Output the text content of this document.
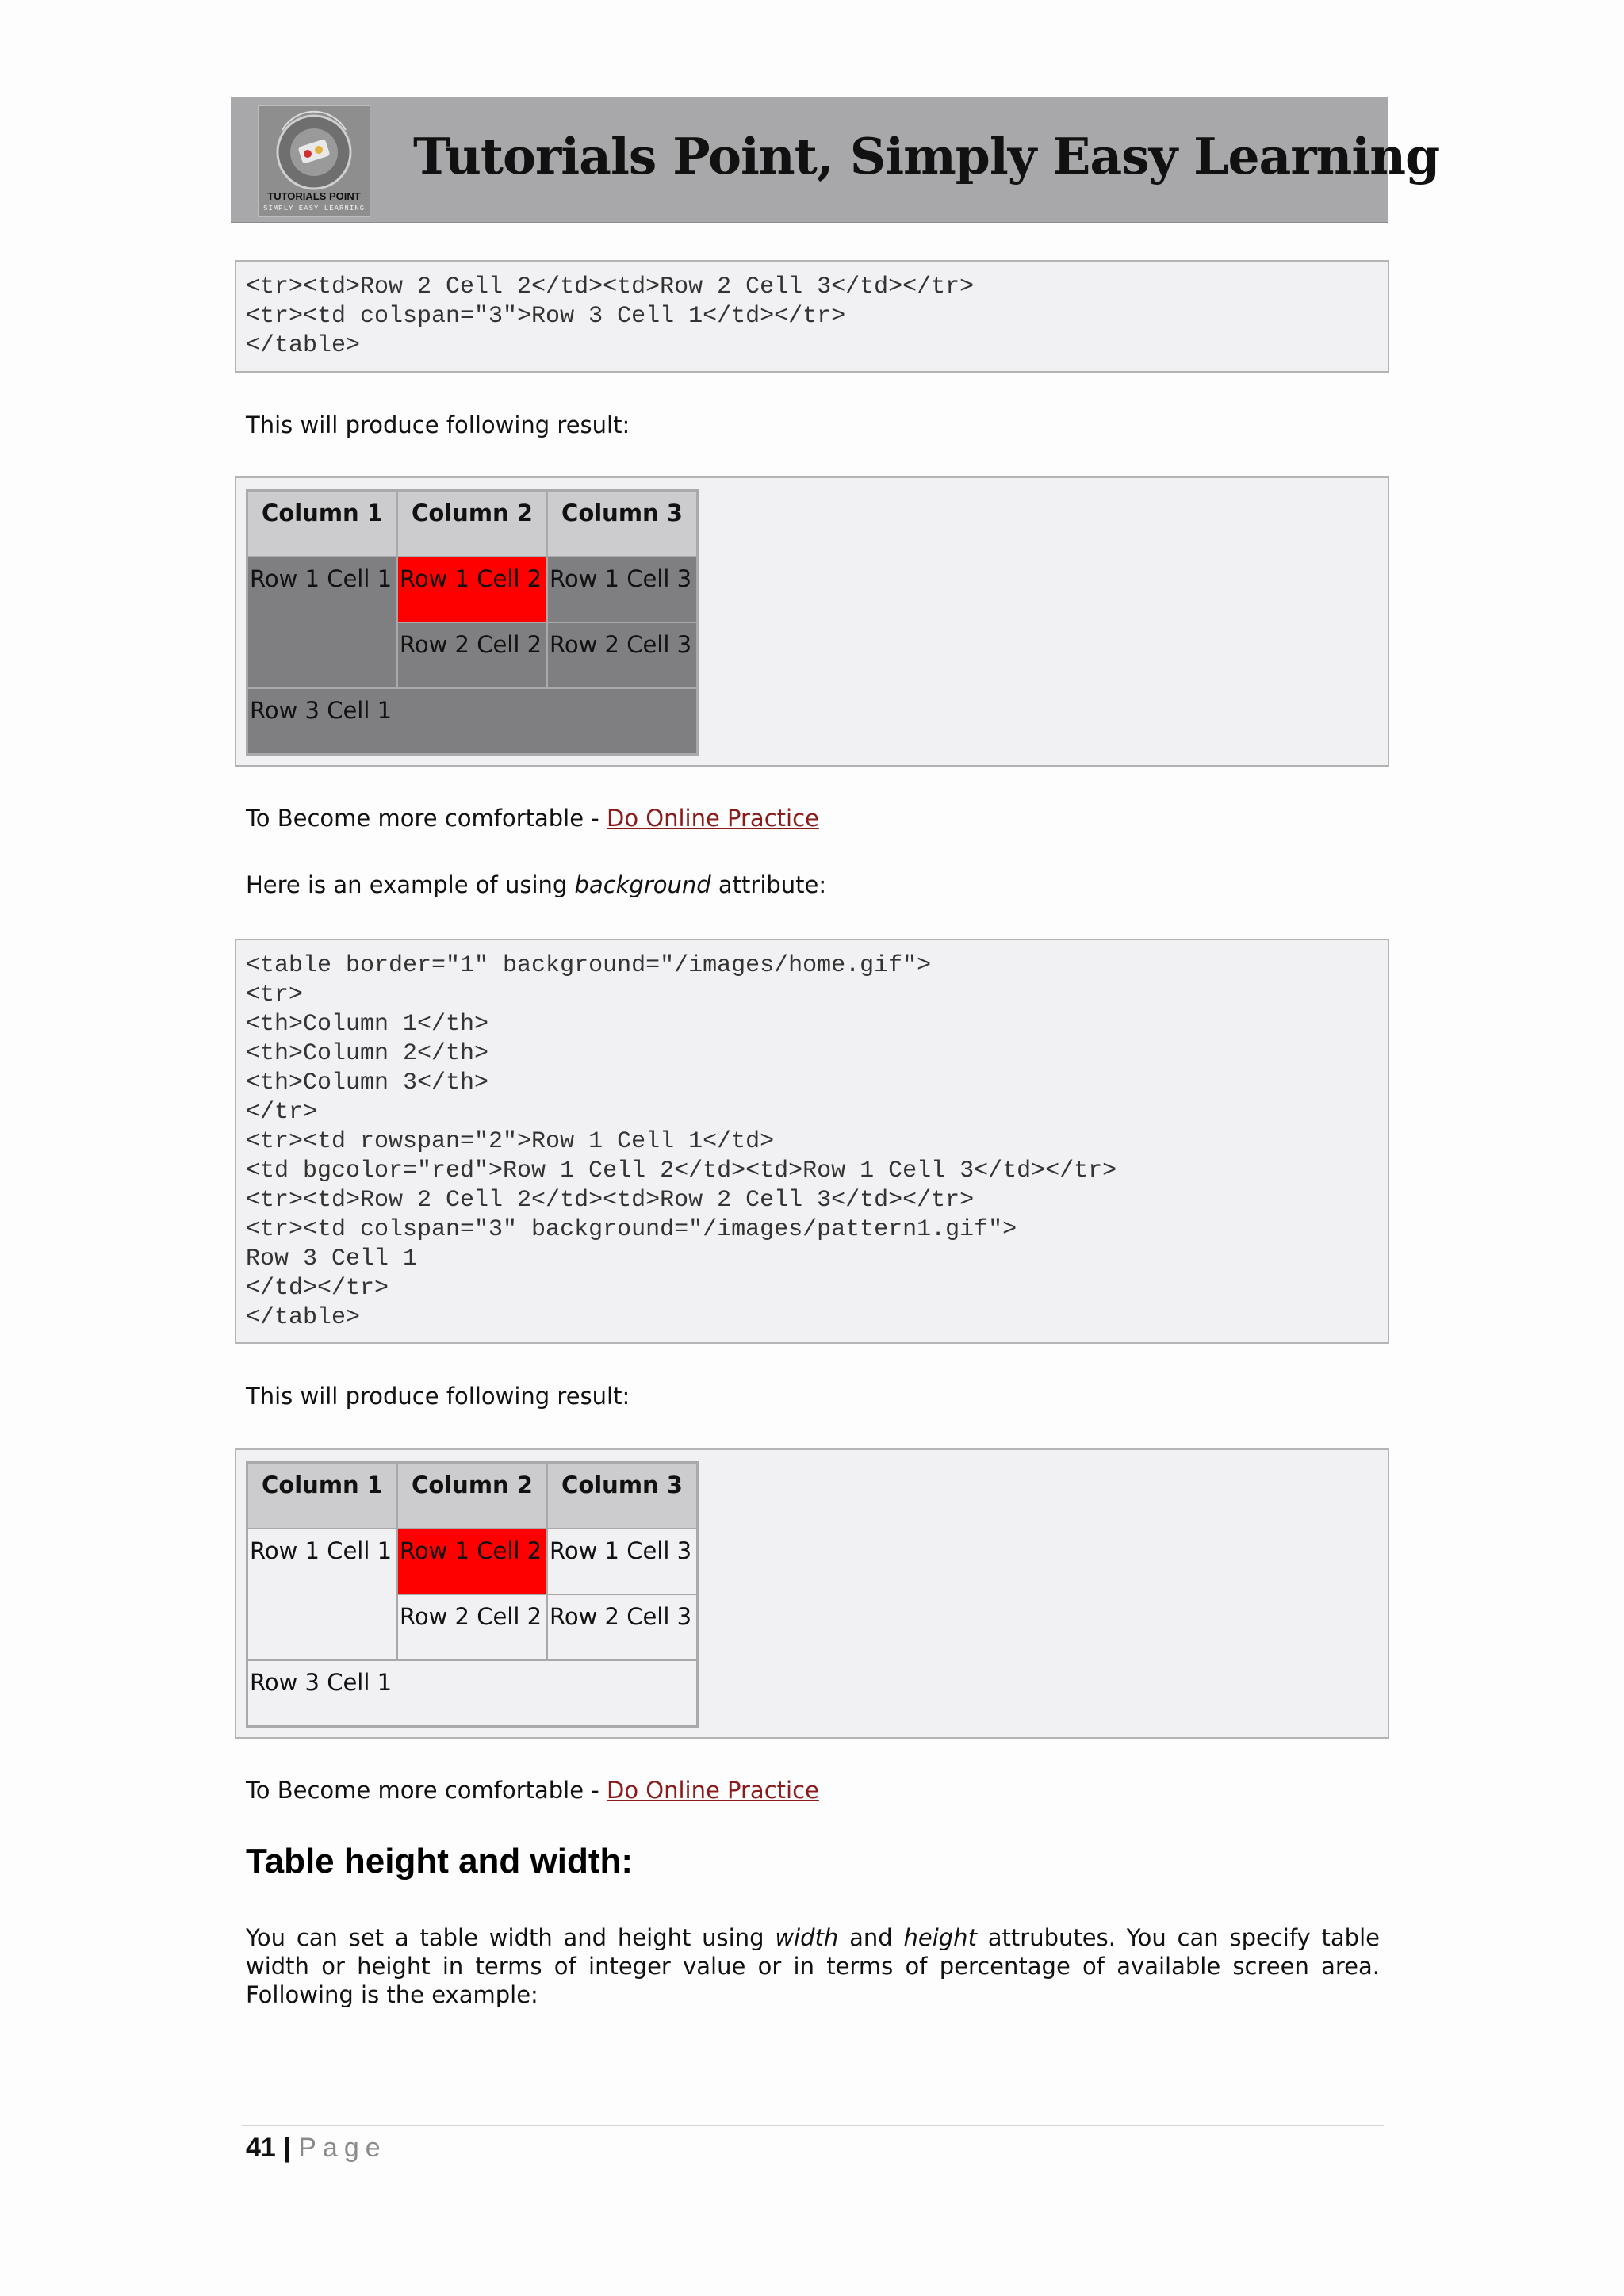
TUTORIALS POINT
SIMPLY EASY LEARNING
Tutorials Point, Simply Easy Learning
<tr><td>Row 2 Cell 2</td><td>Row 2 Cell 3</td></tr>
<tr><td colspan="3">Row 3 Cell 1</td></tr>
</table>
This will produce following result:
Column 1	Column 2	Column 3
Row 1 Cell 1	Row 1 Cell 2	Row 1 Cell 3
	Row 2 Cell 2	Row 2 Cell 3
Row 3 Cell 1		
To Become more comfortable - Do Online Practice
Here is an example of using background attribute:
<table border="1" background="/images/home.gif">
<tr>
<th>Column 1</th>
<th>Column 2</th>
<th>Column 3</th>
</tr>
<tr><td rowspan="2">Row 1 Cell 1</td>
<td bgcolor="red">Row 1 Cell 2</td><td>Row 1 Cell 3</td></tr>
<tr><td>Row 2 Cell 2</td><td>Row 2 Cell 3</td></tr>
<tr><td colspan="3" background="/images/pattern1.gif">
Row 3 Cell 1
</td></tr>
</table>
This will produce following result:
Column 1	Column 2	Column 3
Row 1 Cell 1	Row 1 Cell 2	Row 1 Cell 3
	Row 2 Cell 2	Row 2 Cell 3
Row 3 Cell 1		
To Become more comfortable - Do Online Practice
Table height and width:
You can set a table width and height using width and height attrubutes. You can specify table
width or height in terms of integer value or in terms of percentage of available screen area.
Following is the example:
41 | Page
